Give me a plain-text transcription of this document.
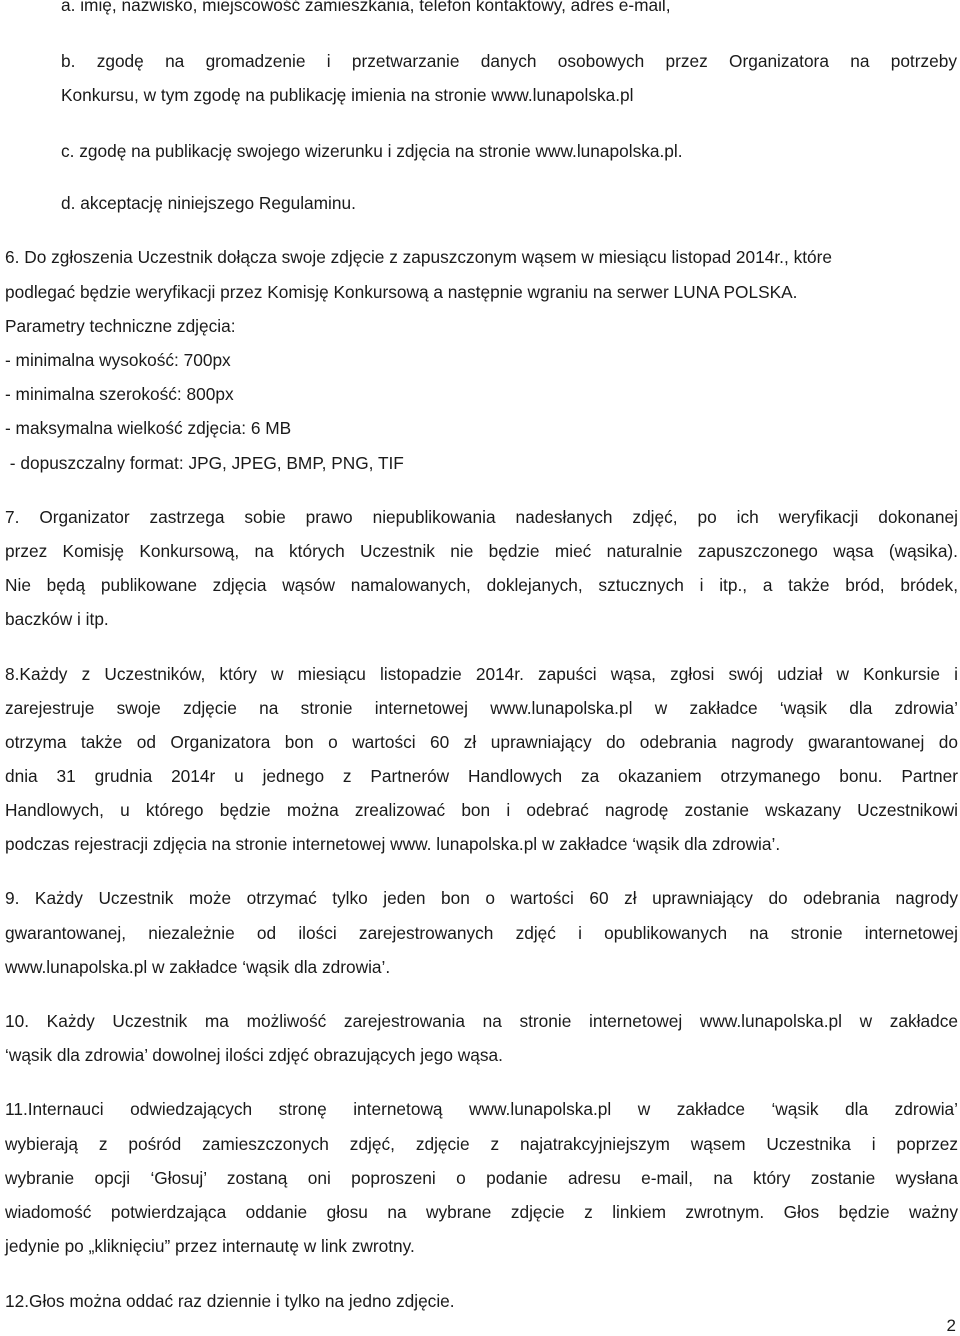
a. imię, nazwisko, miejscowość zamieszkania, telefon kontaktowy, adres e-mail,
b. zgodę na gromadzenie i przetwarzanie danych osobowych przez Organizatora na potrzeby
Konkursu, w tym zgodę na publikację imienia na stronie www.lunapolska.pl
c. zgodę na publikację swojego wizerunku i zdjęcia na stronie www.lunapolska.pl.
d. akceptację niniejszego Regulaminu.
6. Do zgłoszenia Uczestnik dołącza swoje zdjęcie z zapuszczonym wąsem w miesiącu listopad 2014r., które
podlegać będzie weryfikacji przez Komisję Konkursową a następnie wgraniu na serwer LUNA POLSKA.
Parametry techniczne zdjęcia:
- minimalna wysokość: 700px
- minimalna szerokość: 800px
- maksymalna wielkość zdjęcia: 6 MB
- dopuszczalny format: JPG, JPEG, BMP, PNG, TIF
7. Organizator zastrzega sobie prawo niepublikowania nadesłanych zdjęć, po ich weryfikacji dokonanej
przez Komisję Konkursową, na których Uczestnik nie będzie mieć naturalnie zapuszczonego wąsa (wąsika).
Nie będą publikowane zdjęcia wąsów namalowanych, doklejanych, sztucznych i itp., a także bród, bródek,
baczków i itp.
8.Każdy z Uczestników, który w miesiącu listopadzie 2014r. zapuści wąsa, zgłosi swój udział w Konkursie i
zarejestruje swoje zdjęcie na stronie internetowej www.lunapolska.pl w zakładce ‘wąsik dla zdrowia’
otrzyma także od Organizatora bon o wartości 60 zł uprawniający do odebrania nagrody gwarantowanej do
dnia 31 grudnia 2014r u jednego z Partnerów Handlowych za okazaniem otrzymanego bonu. Partner
Handlowych, u którego będzie można zrealizować bon i odebrać nagrodę zostanie wskazany Uczestnikowi
podczas rejestracji zdjęcia na stronie internetowej www. lunapolska.pl w zakładce ‘wąsik dla zdrowia’.
9. Każdy Uczestnik może otrzymać tylko jeden bon o wartości 60 zł uprawniający do odebrania nagrody
gwarantowanej, niezależnie od ilości zarejestrowanych zdjęć i opublikowanych na stronie internetowej
www.lunapolska.pl w zakładce ‘wąsik dla zdrowia’.
10. Każdy Uczestnik ma możliwość zarejestrowania na stronie internetowej www.lunapolska.pl w zakładce
‘wąsik dla zdrowia’ dowolnej ilości zdjęć obrazujących jego wąsa.
11.Internauci odwiedzających stronę internetową www.lunapolska.pl w zakładce ‘wąsik dla zdrowia’
wybierają z pośród zamieszczonych zdjęć, zdjęcie z najatrakcyjniejszym wąsem Uczestnika i poprzez
wybranie opcji ‘Głosuj’ zostaną oni poproszeni o podanie adresu e-mail, na który zostanie wysłana
wiadomość potwierdzająca oddanie głosu na wybrane zdjęcie z linkiem zwrotnym. Głos będzie ważny
jedynie po „kliknięciu” przez internautę w link zwrotny.
12.Głos można oddać raz dziennie i tylko na jedno zdjęcie.
2
